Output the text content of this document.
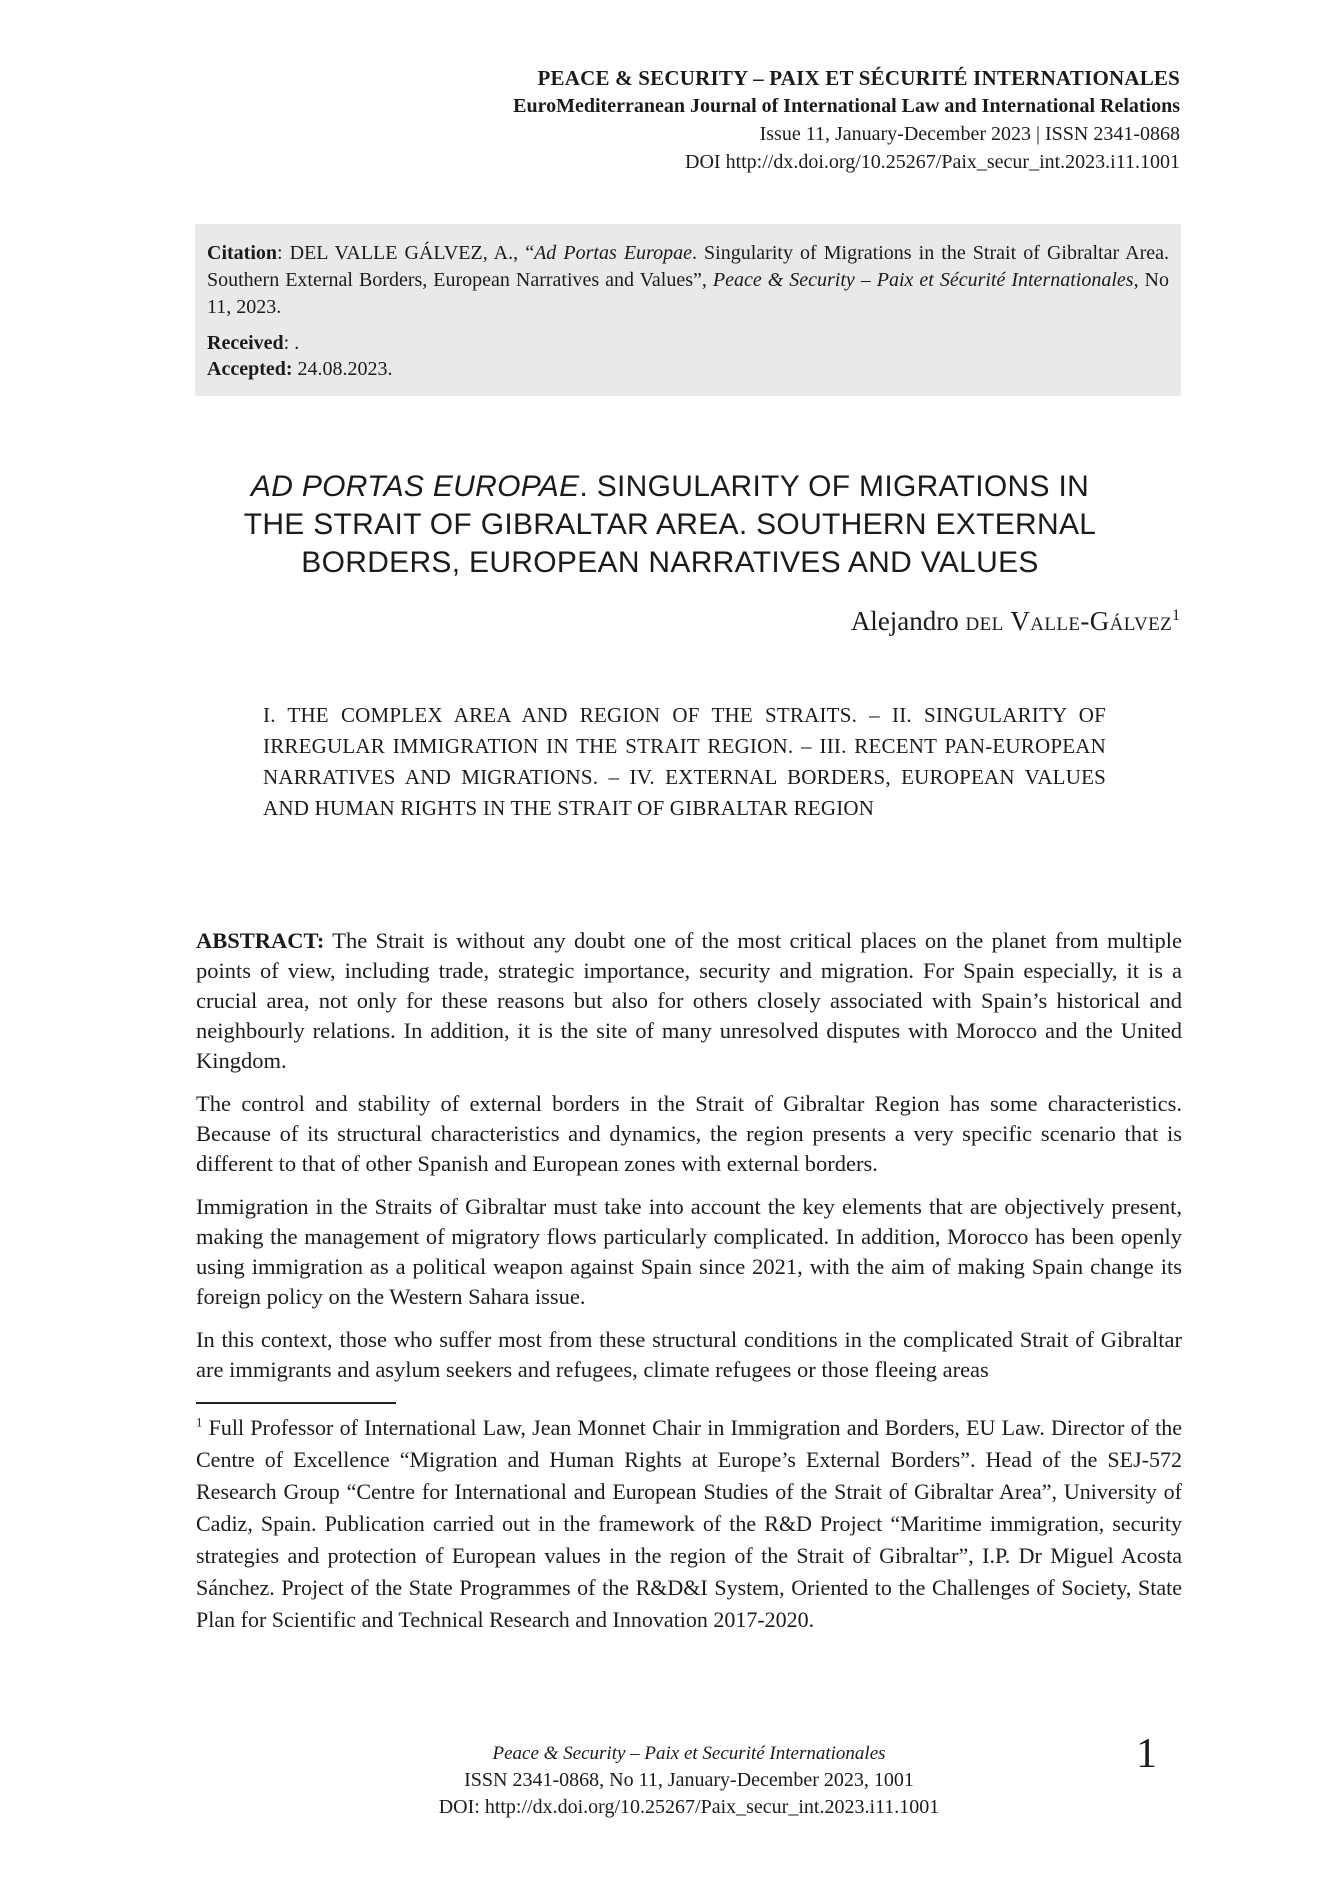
PEACE & SECURITY – PAIX ET SÉCURITÉ INTERNATIONALES
EuroMediterranean Journal of International Law and International Relations
Issue 11, January-December 2023 | ISSN 2341-0868
DOI http://dx.doi.org/10.25267/Paix_secur_int.2023.i11.1001

Citation: DEL VALLE GÁLVEZ, A., “Ad Portas Europae. Singularity of Migrations in the Strait of Gibraltar Area. Southern External Borders, European Narratives and Values”, Peace & Security – Paix et Sécurité Internationales, No 11, 2023.

Received: .
Accepted: 24.08.2023.

AD PORTAS EUROPAE. SINGULARITY OF MIGRATIONS IN
THE STRAIT OF GIBRALTAR AREA. SOUTHERN EXTERNAL
BORDERS, EUROPEAN NARRATIVES AND VALUES
Alejandro del Valle-Gálvez$^1$

I. THE COMPLEX AREA AND REGION OF THE STRAITS. – II. SINGULARITY OF IRREGULAR IMMIGRATION IN THE STRAIT REGION. – III. RECENT PAN-EUROPEAN NARRATIVES AND MIGRATIONS. – IV. EXTERNAL BORDERS, EUROPEAN VALUES AND HUMAN RIGHTS IN THE STRAIT OF GIBRALTAR REGION

ABSTRACT: The Strait is without any doubt one of the most critical places on the planet from multiple points of view, including trade, strategic importance, security and migration. For Spain especially, it is a crucial area, not only for these reasons but also for others closely associated with Spain’s historical and neighbourly relations. In addition, it is the site of many unresolved disputes with Morocco and the United Kingdom.

The control and stability of external borders in the Strait of Gibraltar Region has some characteristics. Because of its structural characteristics and dynamics, the region presents a very specific scenario that is different to that of other Spanish and European zones with external borders.

Immigration in the Straits of Gibraltar must take into account the key elements that are objectively present, making the management of migratory flows particularly complicated. In addition, Morocco has been openly using immigration as a political weapon against Spain since 2021, with the aim of making Spain change its foreign policy on the Western Sahara issue.

In this context, those who suffer most from these structural conditions in the complicated Strait of Gibraltar are immigrants and asylum seekers and refugees, climate refugees or those fleeing areas

$^1$ Full Professor of International Law, Jean Monnet Chair in Immigration and Borders, EU Law. Director of the Centre of Excellence “Migration and Human Rights at Europe’s External Borders”. Head of the SEJ-572 Research Group “Centre for International and European Studies of the Strait of Gibraltar Area”, University of Cadiz, Spain. Publication carried out in the framework of the R&D Project “Maritime immigration, security strategies and protection of European values in the region of the Strait of Gibraltar”, I.P. Dr Miguel Acosta Sánchez. Project of the State Programmes of the R&D&I System, Oriented to the Challenges of Society, State Plan for Scientific and Technical Research and Innovation 2017-2020.

Peace & Security – Paix et Securité Internationales
ISSN 2341-0868, No 11, January-December 2023, 1001
DOI: http://dx.doi.org/10.25267/Paix_secur_int.2023.i11.1001
1
